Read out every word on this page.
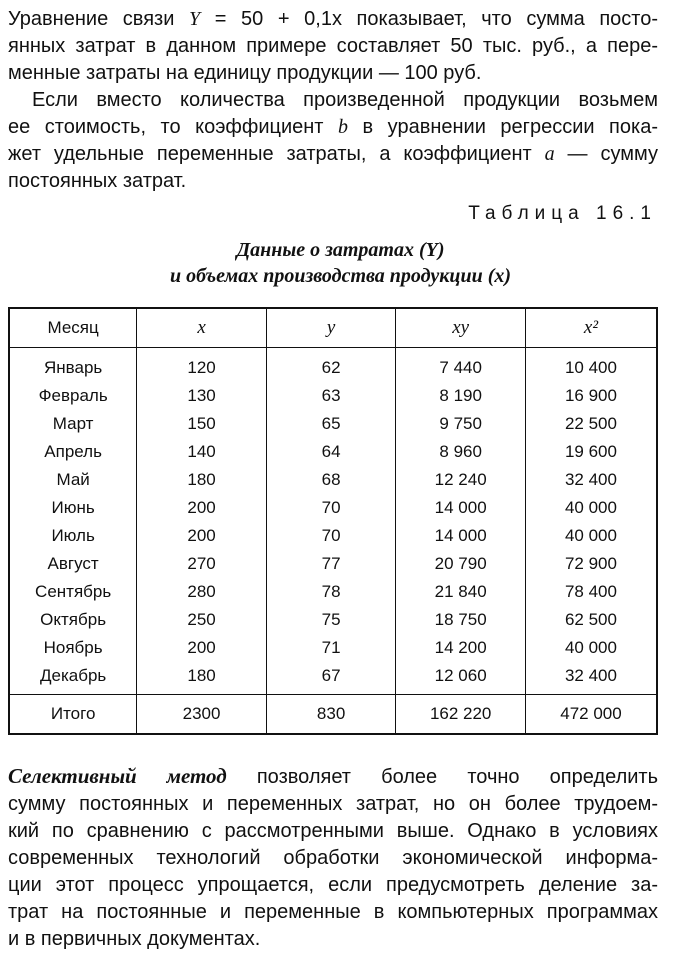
Уравнение связи Y = 50 + 0,1x показывает, что сумма посто-
янных затрат в данном примере составляет 50 тыс. руб., а пере-
менные затраты на единицу продукции — 100 руб.
Если вместо количества произведенной продукции возьмем
ее стоимость, то коэффициент b в уравнении регрессии пока-
жет удельные переменные затраты, а коэффициент a — сумму
постоянных затрат.
Таблица 16.1
Данные о затратах (Y)
и объемах производства продукции (x)
Месяц	x	y	xy	x²
Январь	120	62	7 440	10 400
Февраль	130	63	8 190	16 900
Март	150	65	9 750	22 500
Апрель	140	64	8 960	19 600
Май	180	68	12 240	32 400
Июнь	200	70	14 000	40 000
Июль	200	70	14 000	40 000
Август	270	77	20 790	72 900
Сентябрь	280	78	21 840	78 400
Октябрь	250	75	18 750	62 500
Ноябрь	200	71	14 200	40 000
Декабрь	180	67	12 060	32 400
Итого	2300	830	162 220	472 000
Селективный метод позволяет более точно определить
сумму постоянных и переменных затрат, но он более трудоем-
кий по сравнению с рассмотренными выше. Однако в условиях
современных технологий обработки экономической информа-
ции этот процесс упрощается, если предусмотреть деление за-
трат на постоянные и переменные в компьютерных программах
и в первичных документах.
